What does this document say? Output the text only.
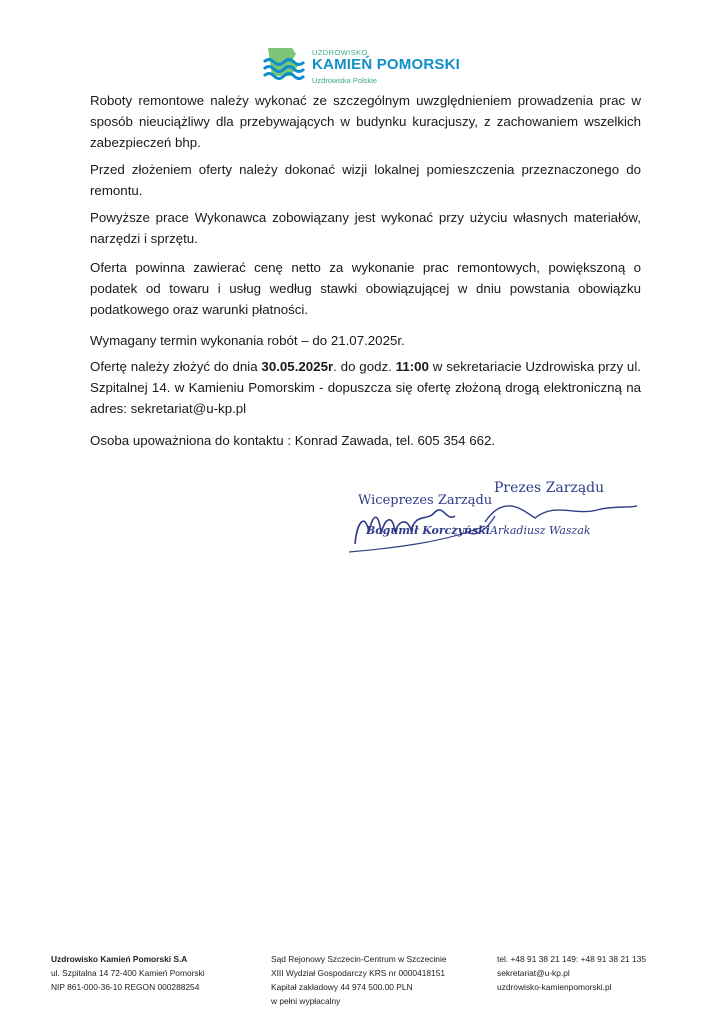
UZDROWISKO
KAMIEŃ POMORSKI
Uzdrowiska Polskie

Roboty remontowe należy wykonać ze szczególnym uwzględnieniem prowadzenia prac w sposób nieuciążliwy dla przebywających w budynku kuracjuszy, z zachowaniem wszelkich zabezpieczeń bhp.

Przed złożeniem oferty należy dokonać wizji lokalnej pomieszczenia przeznaczonego do remontu.

Powyższe prace Wykonawca zobowiązany jest wykonać przy użyciu własnych materiałów, narzędzi i sprzętu.

Oferta powinna zawierać cenę netto za wykonanie prac remontowych, powiększoną o podatek od towaru i usług według stawki obowiązującej w dniu powstania obowiązku podatkowego oraz warunki płatności.

Wymagany termin wykonania robót – do 21.07.2025r.

Ofertę należy złożyć do dnia 30.05.2025r. do godz. 11:00 w sekretariacie Uzdrowiska przy ul. Szpitalnej 14. w Kamieniu Pomorskim - dopuszcza się ofertę złożoną drogą elektroniczną na adres: sekretariat@u-kp.pl

Osoba upoważniona do kontaktu : Konrad Zawada, tel. 605 354 662.

Wiceprezes Zarządu
Prezes Zarządu
Bogumił Korczyński Arkadiusz Waszak
Uzdrowisko Kamień Pomorski S.A
ul. Szpitalna 14 72-400 Kamień Pomorski
NIP 861-000-36-10 REGON 000288254
Sąd Rejonowy Szczecin-Centrum w Szczecinie
XIII Wydział Gospodarczy KRS nr 0000418151
Kapitał zakładowy 44 974 500.00 PLN
w pełni wypłacalny
tel. +48 91 38 21 149: +48 91 38 21 135
sekretariat@u-kp.pl
uzdrowisko-kamienpomorski.pl
